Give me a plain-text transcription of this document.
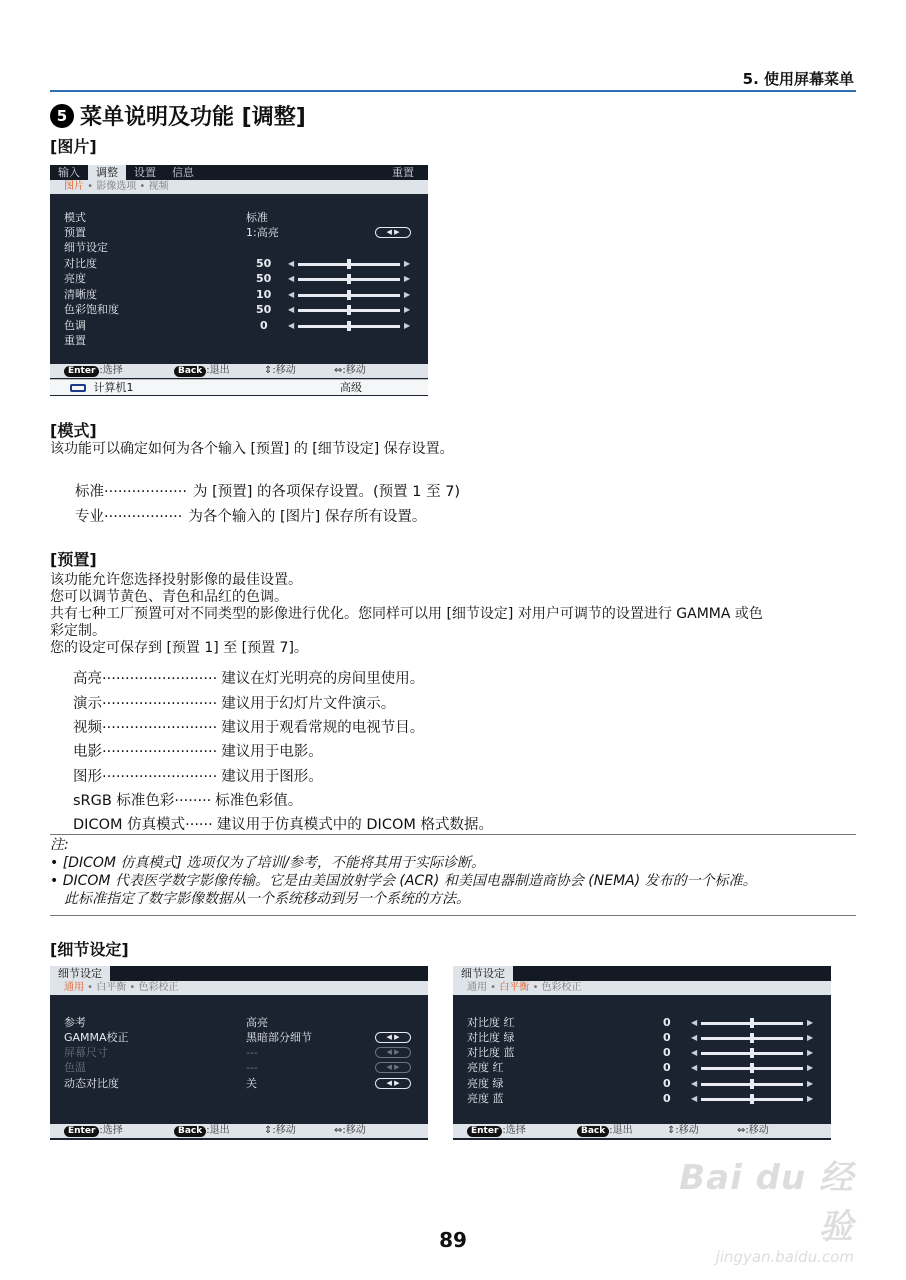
5. 使用屏幕菜单
5 菜单说明及功能 [调整]
[图片]
输入	调整	设置	信息	重置
图片 • 影像选项 • 视频
模式	标准
预置	1:高亮	◀ ▶
细节设定
对比度	50 ◀	▶
亮度	50 ◀	▶
清晰度	10 ◀	▶
色彩饱和度	50 ◀	▶
色调	0	◀	▶
重置
Enter :选择	Back :退出	⇕:移动	⇔:移动
计算机1	高级
[模式]
该功能可以确定如何为各个输入 [预置] 的 [细节设定] 保存设置。
标准 .................. 为 [预置] 的各项保存设置。(预置 1 至 7)
专业 ................. 为各个输入的 [图片] 保存所有设置。
[预置]
该功能允许您选择投射影像的最佳设置。
您可以调节黄色、青色和品红的色调。
共有七种工厂预置可对不同类型的影像进行优化。您同样可以用 [细节设定] 对用户可调节的设置进行 GAMMA 或色
彩定制。
您的设定可保存到 [预置 1] 至 [预置 7]。
高亮 ......................... 建议在灯光明亮的房间里使用。
演示 ......................... 建议用于幻灯片文件演示。
视频 ......................... 建议用于观看常规的电视节目。
电影 ......................... 建议用于电影。
图形 ......................... 建议用于图形。
sRGB 标准色彩 ........ 标准色彩值。
DICOM 仿真模式 ...... 建议用于仿真模式中的 DICOM 格式数据。
注:
• [DICOM 仿真模式] 选项仅为了培训/参考，不能将其用于实际诊断。
• DICOM 代表医学数字影像传输。它是由美国放射学会 (ACR) 和美国电器制造商协会 (NEMA) 发布的一个标准。
此标准指定了数字影像数据从一个系统移动到另一个系统的方法。
[细节设定]
细节设定
通用 • 白平衡 • 色彩校正
参考	高亮
GAMMA校正	黑暗部分细节	◀ ▶
屏幕尺寸	---	◀ ▶
色温	---	◀ ▶
动态对比度	关	◀ ▶
Enter :选择	Back :退出	⇕:移动	⇔:移动
细节设定
通用 • 白平衡 • 色彩校正
对比度 红	0	◀	▶
对比度 绿	0	◀	▶
对比度 蓝	0	◀	▶
亮度 红	0	◀	▶
亮度 绿	0	◀	▶
亮度 蓝	0	◀	▶
Enter :选择	Back :退出	⇕:移动	⇔:移动
Bai du 经验
jingyan.baidu.com
89
